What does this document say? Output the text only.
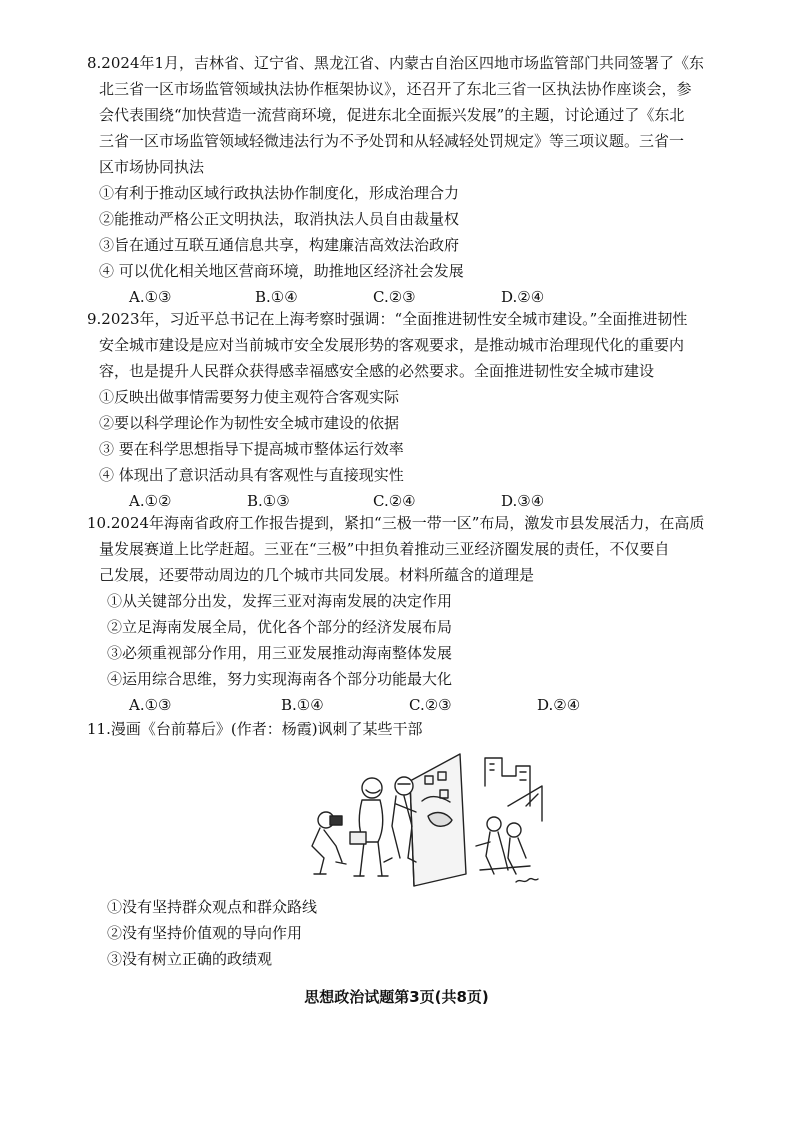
8.2024年1月，吉林省、辽宁省、黑龙江省、内蒙古自治区四地市场监管部门共同签署了《东
北三省一区市场监管领域执法协作框架协议》，还召开了东北三省一区执法协作座谈会，参
会代表围绕“加快营造一流营商环境，促进东北全面振兴发展”的主题，讨论通过了《东北
三省一区市场监管领域轻微违法行为不予处罚和从轻减轻处罚规定》等三项议题。三省一
区市场协同执法
①有利于推动区域行政执法协作制度化，形成治理合力
②能推动严格公正文明执法，取消执法人员自由裁量权
③旨在通过互联互通信息共享，构建廉洁高效法治政府
④ 可以优化相关地区营商环境，助推地区经济社会发展
A.①③	B.①④	C.②③	D.②④
9.2023年，习近平总书记在上海考察时强调：“全面推进韧性安全城市建设。”全面推进韧性
安全城市建设是应对当前城市安全发展形势的客观要求，是推动城市治理现代化的重要内
容，也是提升人民群众获得感幸福感安全感的必然要求。全面推进韧性安全城市建设
①反映出做事情需要努力使主观符合客观实际
②要以科学理论作为韧性安全城市建设的依据
③ 要在科学思想指导下提高城市整体运行效率
④ 体现出了意识活动具有客观性与直接现实性
A.①②	B.①③	C.②④	D.③④
10.2024年海南省政府工作报告提到，紧扣“三极一带一区”布局，激发市县发展活力，在高质
量发展赛道上比学赶超。三亚在“三极”中担负着推动三亚经济圈发展的责任，不仅要自
己发展，还要带动周边的几个城市共同发展。材料所蕴含的道理是
①从关键部分出发，发挥三亚对海南发展的决定作用
②立足海南发展全局，优化各个部分的经济发展布局
③必须重视部分作用，用三亚发展推动海南整体发展
④运用综合思维，努力实现海南各个部分功能最大化
A.①③	B.①④	C.②③	D.②④
11.漫画《台前幕后》(作者：杨霞)讽刺了某些干部
①没有坚持群众观点和群众路线
②没有坚持价值观的导向作用
③没有树立正确的政绩观
思想政治试题第3页(共8页)
